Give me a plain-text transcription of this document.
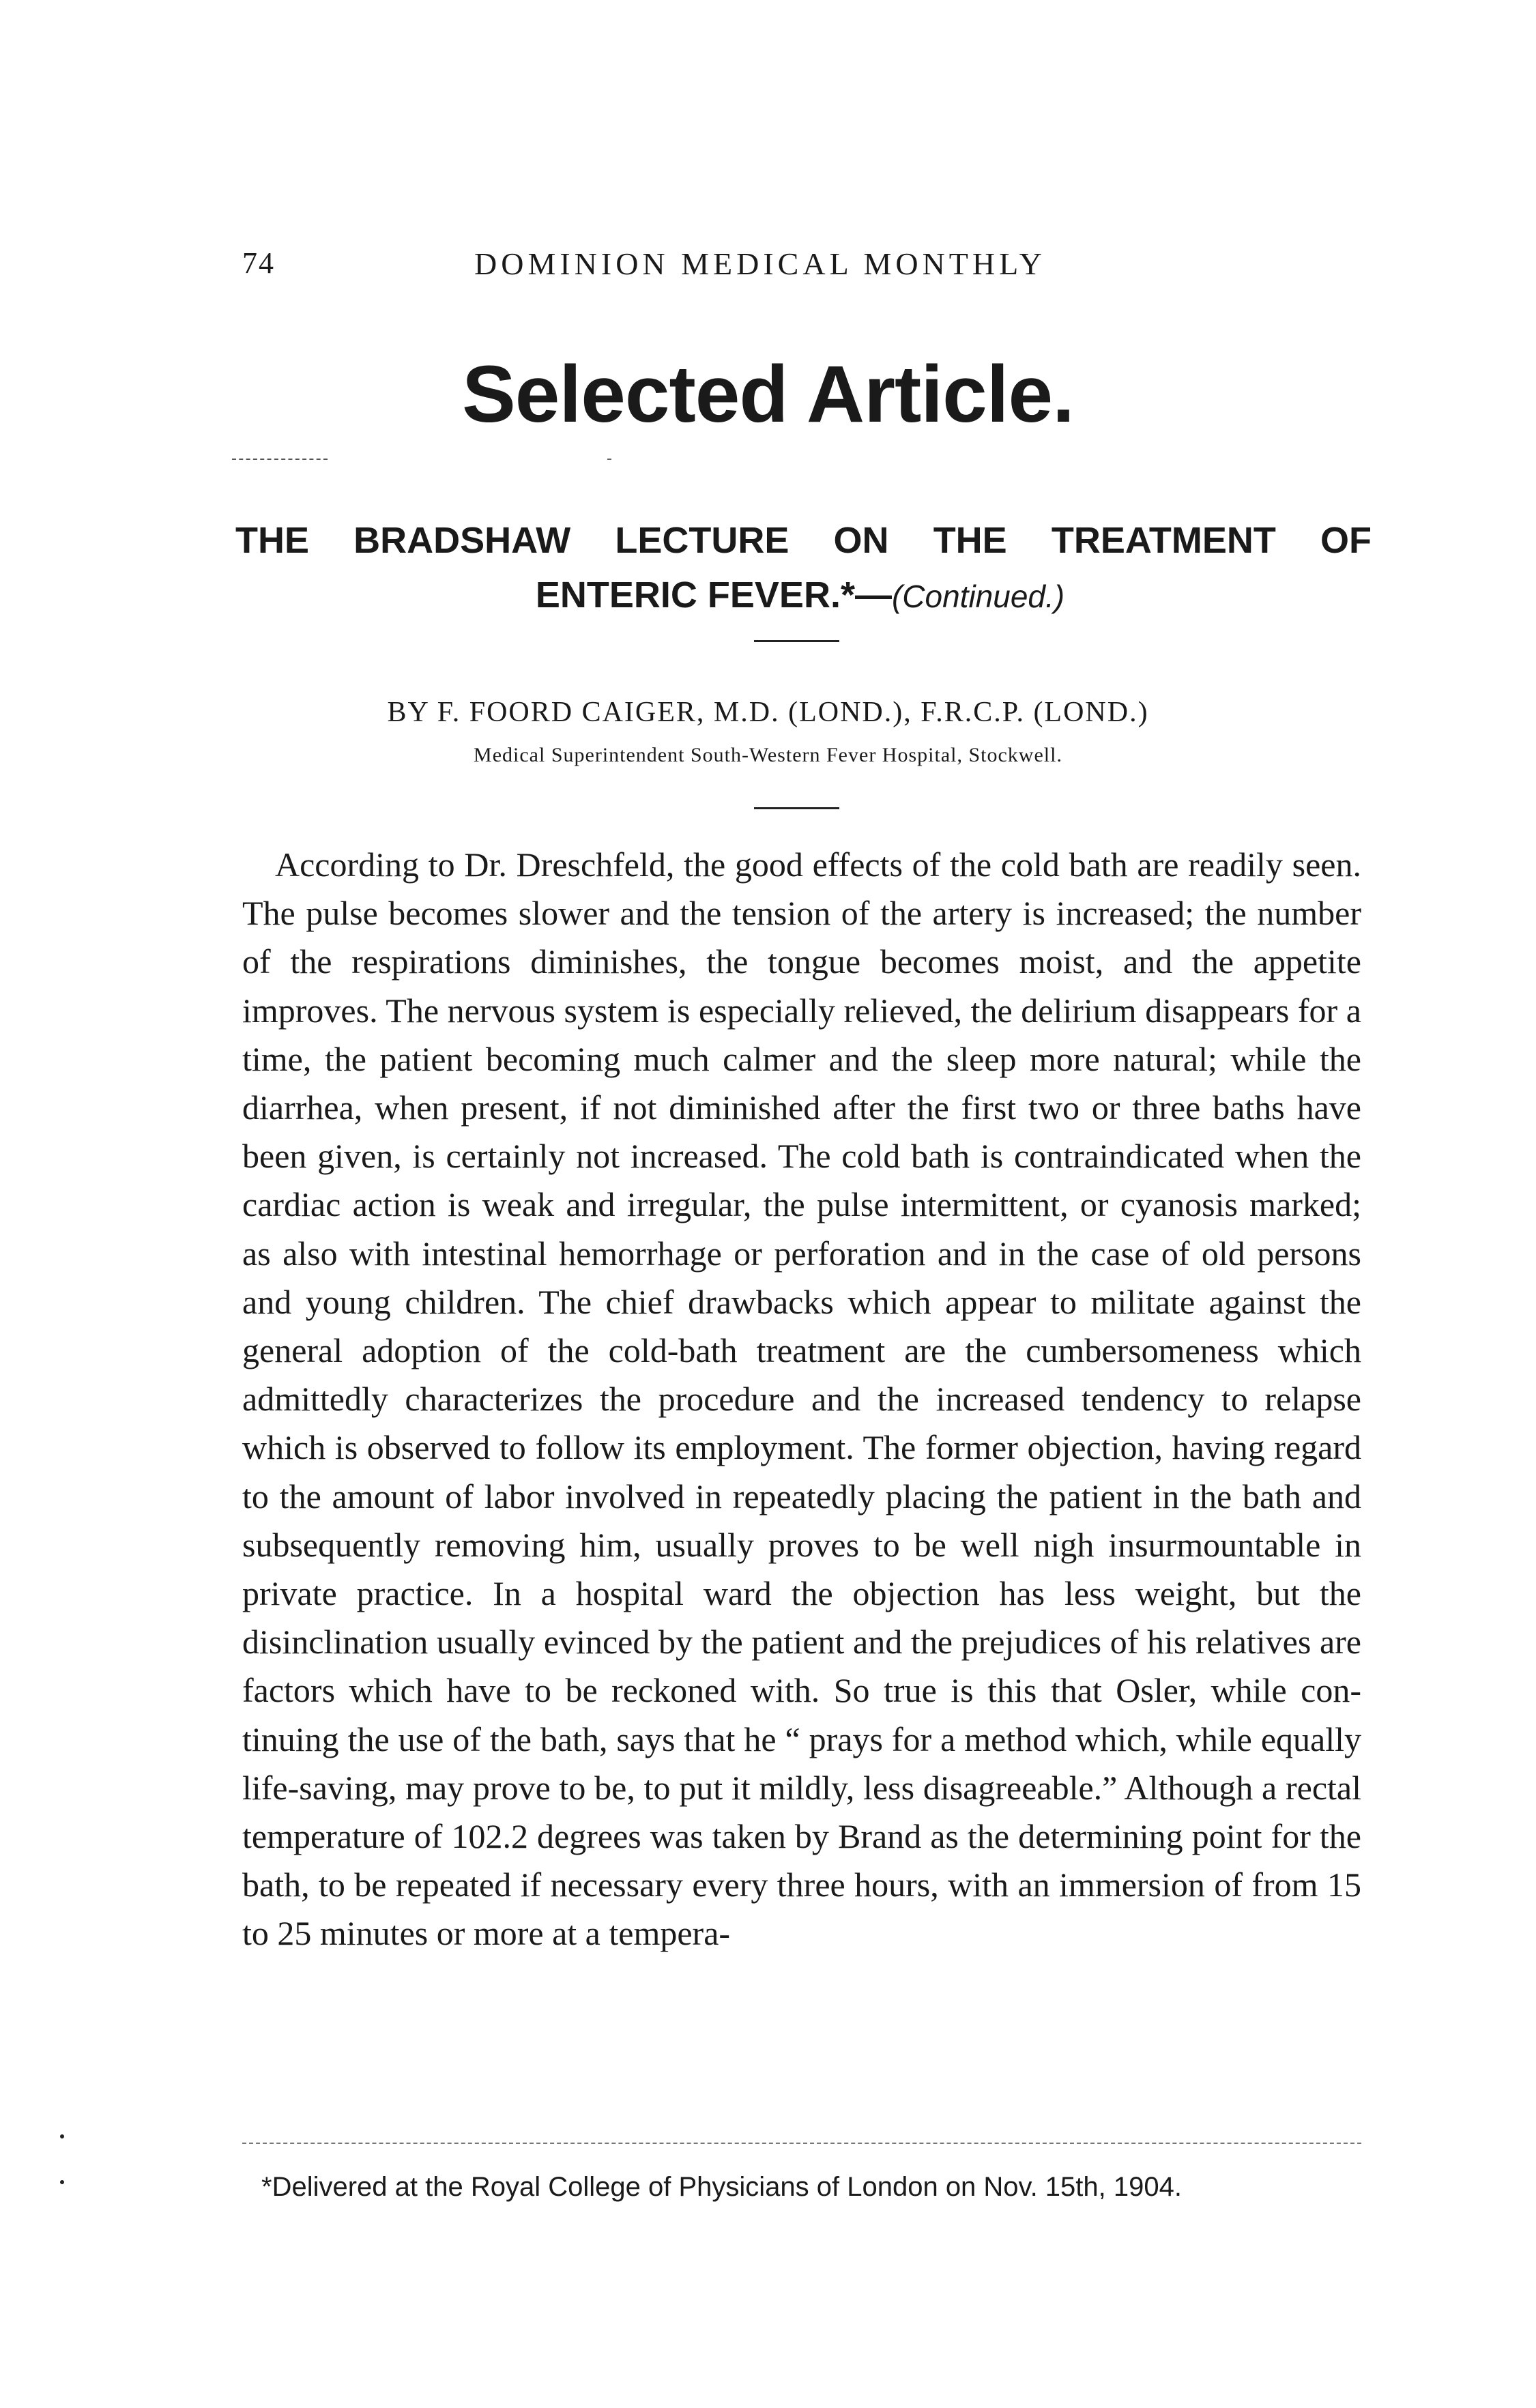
74	DOMINION MEDICAL MONTHLY
Selected Article.
THE BRADSHAW LECTURE ON THE TREATMENT OF
ENTERIC FEVER.*—(Continued.)
BY F. FOORD CAIGER, M.D. (LOND.), F.R.C.P. (LOND.)
Medical Superintendent South-Western Fever Hospital, Stockwell.

According to Dr. Dreschfeld, the good effects of the cold bath are readily seen. The pulse becomes slower and the tension of the artery is increased; the number of the respirations diminishes, the tongue becomes moist, and the appetite improves. The nervous system is especially relieved, the delirium disappears for a time, the patient becoming much calmer and the sleep more natural; while the diarrhea, when present, if not diminished after the first two or three baths have been given, is certainly not increased. The cold bath is contraindicated when the cardiac action is weak and irregular, the pulse intermittent, or cyanosis marked; as also with intestinal hemorrhage or perforation and in the case of old persons and young children. The chief drawbacks which appear to militate against the general adoption of the cold-bath treatment are the cumbersomeness which admittedly characterizes the procedure and the increased tendency to relapse which is observed to follow its employment. The former objection, having regard to the amount of labor involved in repeatedly placing the patient in the bath and subsequently removing him, usually proves to be well nigh insurmountable in private practice. In a hospital ward the objection has less weight, but the disinclination usually evinced by the patient and the prejudices of his relatives are factors which have to be reckoned with. So true is this that Osler, while continuing the use of the bath, says that he “ prays for a method which, while equally life-saving, may prove to be, to put it mildly, less disagreeable.” Although a rectal temperature of 102.2 degrees was taken by Brand as the determining point for the bath, to be repeated if necessary every three hours, with an immersion of from 15 to 25 minutes or more at a tempera-

*Delivered at the Royal College of Physicians of London on Nov. 15th, 1904.
